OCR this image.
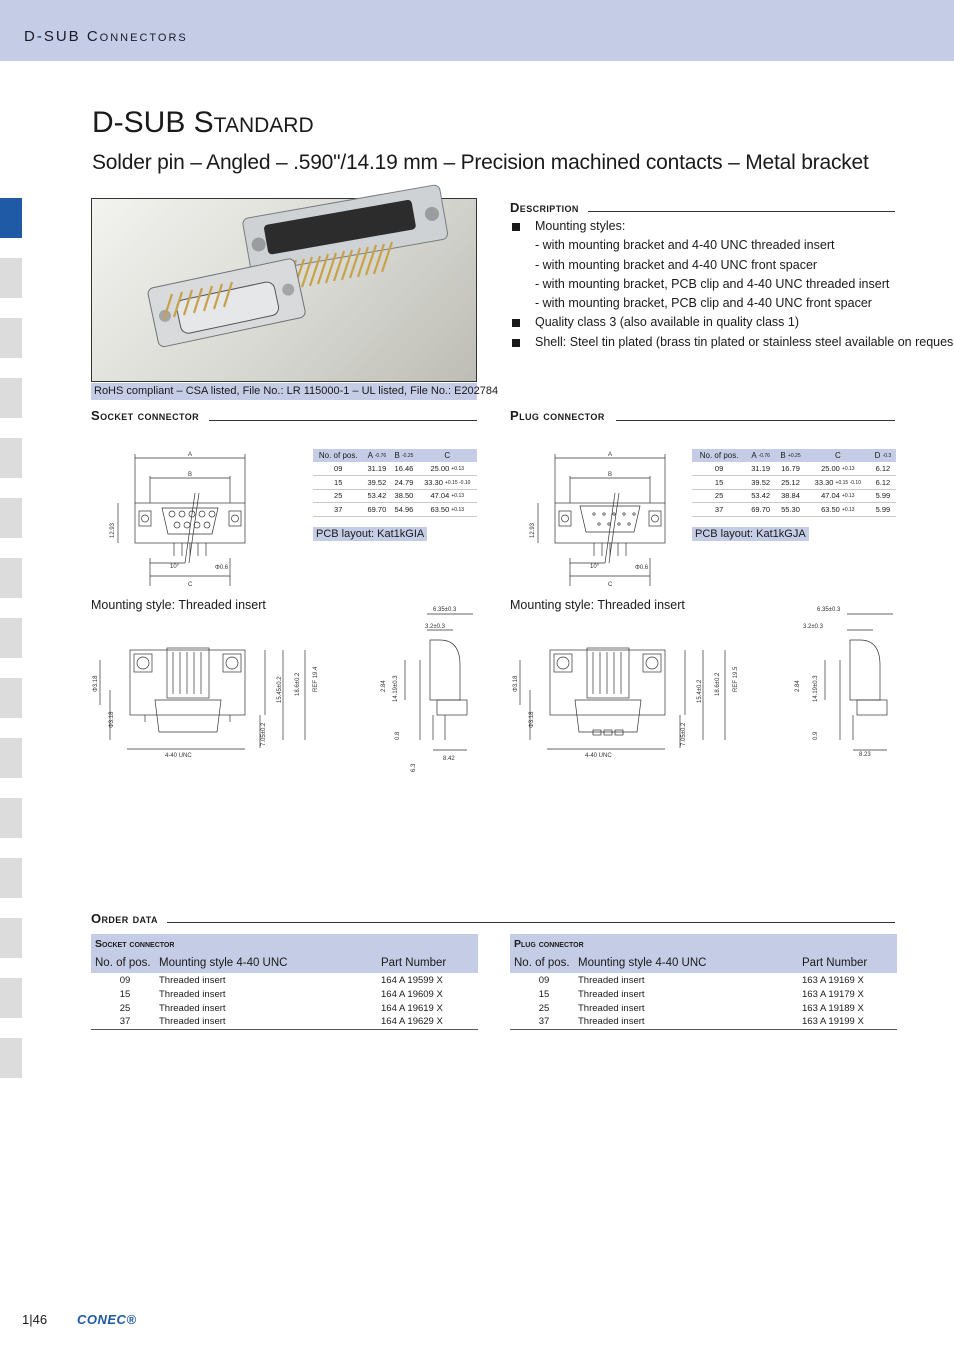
D-SUB Connectors
D-SUB Standard
Solder pin – Angled – .590"/14.19 mm – Precision machined contacts – Metal bracket
RoHS compliant – CSA listed, File No.: LR 115000-1 – UL listed, File No.: E202784
Description
Mounting styles:
- with mounting bracket and 4-40 UNC threaded insert
- with mounting bracket and 4-40 UNC front spacer
- with mounting bracket, PCB clip and 4-40 UNC threaded insert
- with mounting bracket, PCB clip and 4-40 UNC front spacer
Quality class 3 (also available in quality class 1)
Shell: Steel tin plated (brass tin plated or stainless steel available on reques
Socket connector	Plug connector
A
B
C
10°	Φ0.6
12.93
No. of pos.	A -0.76	B -0.25	C
09	31.19	16.46	25.00 +0.13
15	39.52	24.79	33.30 +0.15 -0.10
25	53.42	38.50	47.04 +0.13
37	69.70	54.96	63.50 +0.13
PCB layout: Kat1kGIA
A
B
C
10°	Φ0.6
12.93
No. of pos.	A -0.76	B +0.25	C	D -0.3
09	31.19	16.79	25.00 +0.13	6.12
15	39.52	25.12	33.30 +0.15 -0.10	6.12
25	53.42	38.84	47.04 +0.13	5.99
37	69.70	55.30	63.50 +0.13	5.99
PCB layout: Kat1kGJA
Mounting style: Threaded insert	Mounting style: Threaded insert
4-40 UNC
Φ3.18
Φ3.18
15.45±0.2 18.6±0.2 REF 19.4
7.05±0.2
6.35±0.3
3.2±0.3
2.84 14.19±0.3
0.8
8.42
6.3
4-40 UNC
Φ3.18
Φ3.18
15.4±0.2 18.6±0.2 REF 19.5
7.05±0.2
6.35±0.3
3.2±0.3
2.84 14.19±0.3
0.9
8.23
Order data
Socket connector		
No. of pos.	Mounting style 4-40 UNC	Part Number
09	Threaded insert	164 A 19599 X
15	Threaded insert	164 A 19609 X
25	Threaded insert	164 A 19619 X
37	Threaded insert	164 A 19629 X
Plug connector		
No. of pos.	Mounting style 4-40 UNC	Part Number
09	Threaded insert	163 A 19169 X
15	Threaded insert	163 A 19179 X
25	Threaded insert	163 A 19189 X
37	Threaded insert	163 A 19199 X
1|46 CONEC®
